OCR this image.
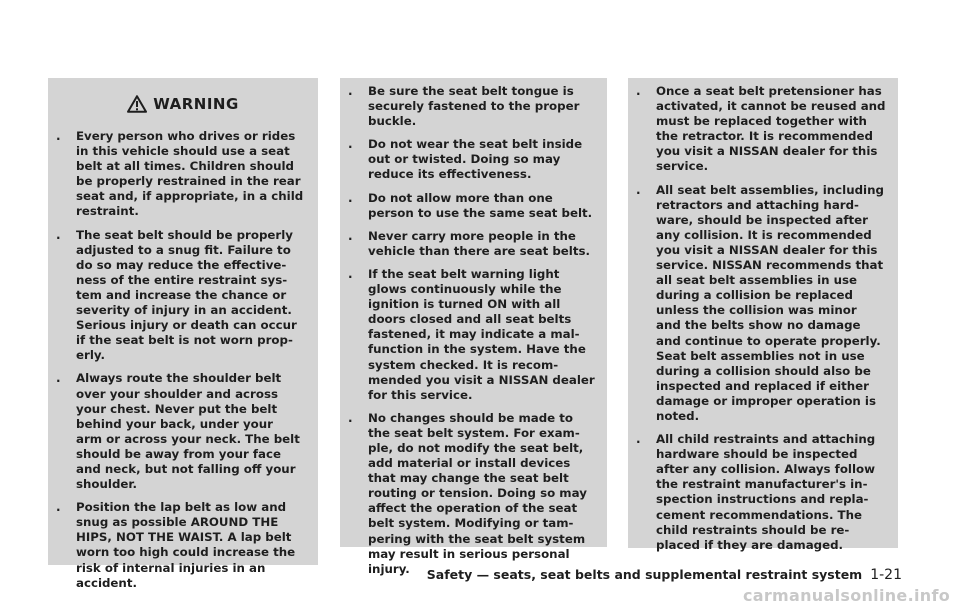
WARNING
. Every person who drives or rides
in this vehicle should use a seat
belt at all times. Children should
be properly restrained in the rear
seat and, if appropriate, in a child
restraint.
. The seat belt should be properly
adjusted to a snug fit. Failure to
do so may reduce the effective-
ness of the entire restraint sys-
tem and increase the chance or
severity of injury in an accident.
Serious injury or death can occur
if the seat belt is not worn prop-
erly.
. Always route the shoulder belt
over your shoulder and across
your chest. Never put the belt
behind your back, under your
arm or across your neck. The belt
should be away from your face
and neck, but not falling off your
shoulder.
. Position the lap belt as low and
snug as possible AROUND THE
HIPS, NOT THE WAIST. A lap belt
worn too high could increase the
risk of internal injuries in an
accident.
. Be sure the seat belt tongue is
securely fastened to the proper
buckle.
. Do not wear the seat belt inside
out or twisted. Doing so may
reduce its effectiveness.
. Do not allow more than one
person to use the same seat belt.
. Never carry more people in the
vehicle than there are seat belts.
. If the seat belt warning light
glows continuously while the
ignition is turned ON with all
doors closed and all seat belts
fastened, it may indicate a mal-
function in the system. Have the
system checked. It is recom-
mended you visit a NISSAN dealer
for this service.
. No changes should be made to
the seat belt system. For exam-
ple, do not modify the seat belt,
add material or install devices
that may change the seat belt
routing or tension. Doing so may
affect the operation of the seat
belt system. Modifying or tam-
pering with the seat belt system
may result in serious personal
injury.
. Once a seat belt pretensioner has
activated, it cannot be reused and
must be replaced together with
the retractor. It is recommended
you visit a NISSAN dealer for this
service.
. All seat belt assemblies, including
retractors and attaching hard-
ware, should be inspected after
any collision. It is recommended
you visit a NISSAN dealer for this
service. NISSAN recommends that
all seat belt assemblies in use
during a collision be replaced
unless the collision was minor
and the belts show no damage
and continue to operate properly.
Seat belt assemblies not in use
during a collision should also be
inspected and replaced if either
damage or improper operation is
noted.
. All child restraints and attaching
hardware should be inspected
after any collision. Always follow
the restraint manufacturer's in-
spection instructions and repla-
cement recommendations. The
child restraints should be re-
placed if they are damaged.
Safety — seats, seat belts and supplemental restraint system 1-21
carmanualsonline.info
